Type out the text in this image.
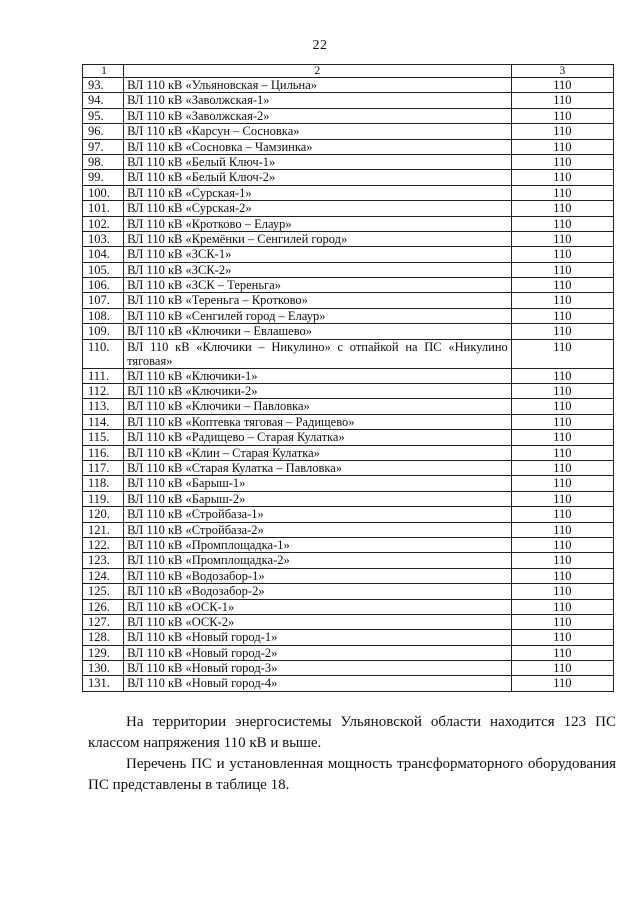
22
1	2	3
93.	ВЛ 110 кВ «Ульяновская – Цильна»	110
94.	ВЛ 110 кВ «Заволжская-1»	110
95.	ВЛ 110 кВ «Заволжская-2»	110
96.	ВЛ 110 кВ «Карсун – Сосновка»	110
97.	ВЛ 110 кВ «Сосновка – Чамзинка»	110
98.	ВЛ 110 кВ «Белый Ключ-1»	110
99.	ВЛ 110 кВ «Белый Ключ-2»	110
100.	ВЛ 110 кВ «Сурская-1»	110
101.	ВЛ 110 кВ «Сурская-2»	110
102.	ВЛ 110 кВ «Кротково – Елаур»	110
103.	ВЛ 110 кВ «Кремёнки – Сенгилей город»	110
104.	ВЛ 110 кВ «ЗСК-1»	110
105.	ВЛ 110 кВ «ЗСК-2»	110
106.	ВЛ 110 кВ «ЗСК – Тереньга»	110
107.	ВЛ 110 кВ «Тереньга – Кротково»	110
108.	ВЛ 110 кВ «Сенгилей город – Елаур»	110
109.	ВЛ 110 кВ «Ключики – Евлашево»	110
110.	ВЛ 110 кВ «Ключики – Никулино» с отпайкой на ПС «Никулино тяговая»	110
111.	ВЛ 110 кВ «Ключики-1»	110
112.	ВЛ 110 кВ «Ключики-2»	110
113.	ВЛ 110 кВ «Ключики – Павловка»	110
114.	ВЛ 110 кВ «Коптевка тяговая – Радищево»	110
115.	ВЛ 110 кВ «Радищево – Старая Кулатка»	110
116.	ВЛ 110 кВ «Клин – Старая Кулатка»	110
117.	ВЛ 110 кВ «Старая Кулатка – Павловка»	110
118.	ВЛ 110 кВ «Барыш-1»	110
119.	ВЛ 110 кВ «Барыш-2»	110
120.	ВЛ 110 кВ «Стройбаза-1»	110
121.	ВЛ 110 кВ «Стройбаза-2»	110
122.	ВЛ 110 кВ «Промплощадка-1»	110
123.	ВЛ 110 кВ «Промплощадка-2»	110
124.	ВЛ 110 кВ «Водозабор-1»	110
125.	ВЛ 110 кВ «Водозабор-2»	110
126.	ВЛ 110 кВ «ОСК-1»	110
127.	ВЛ 110 кВ «ОСК-2»	110
128.	ВЛ 110 кВ «Новый город-1»	110
129.	ВЛ 110 кВ «Новый город-2»	110
130.	ВЛ 110 кВ «Новый город-3»	110
131.	ВЛ 110 кВ «Новый город-4»	110

На территории энергосистемы Ульяновской области находится 123 ПС классом напряжения 110 кВ и выше.

Перечень ПС и установленная мощность трансформаторного оборудования ПС представлены в таблице 18.
